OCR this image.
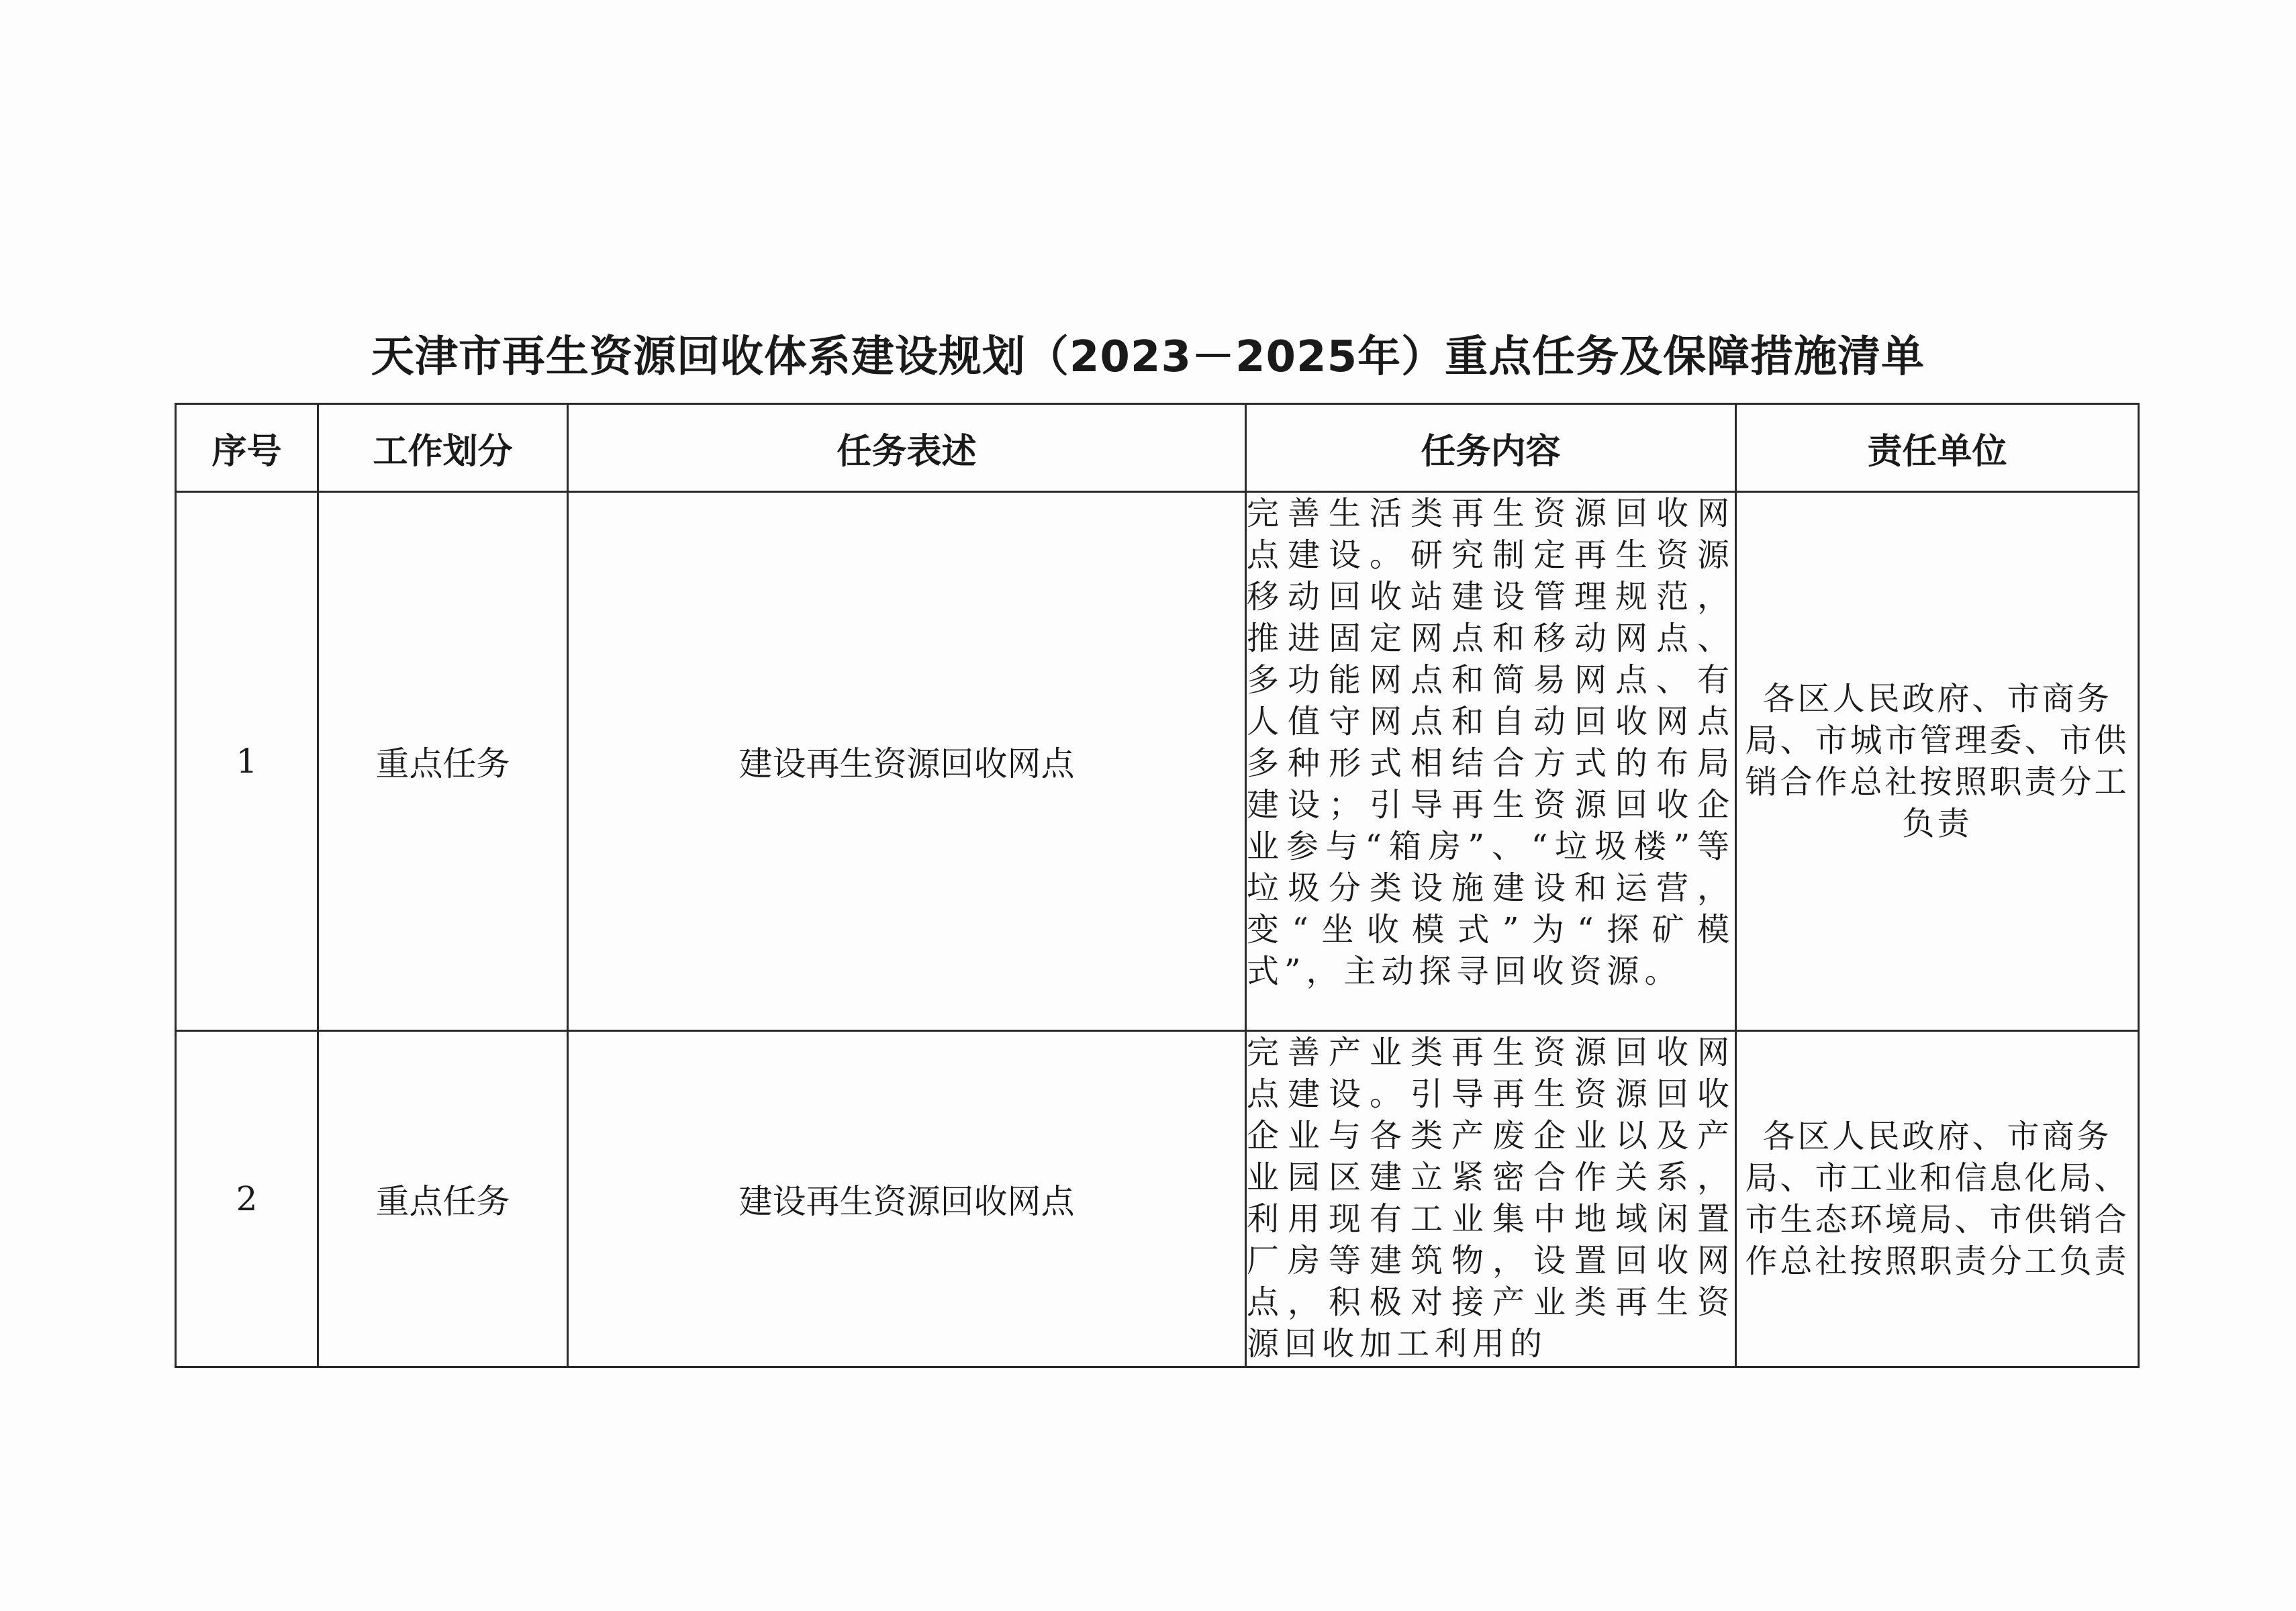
天津市再生资源回收体系建设规划（2023－2025年）重点任务及保障措施清单
序号	工作划分	任务表述	任务内容	责任单位
1	重点任务	建设再生资源回收网点	完善生活类再生资源回收网点建设。研究制定再生资源移动回收站建设管理规范，推进固定网点和移动网点、多功能网点和简易网点、有人值守网点和自动回收网点多种形式相结合方式的布局建设；引导再生资源回收企业参与“箱房”、“垃圾楼”等垃圾分类设施建设和运营，变“坐收模式”为“探矿模式”，主动探寻回收资源。	各区人民政府、市商务局、市城市管理委、市供销合作总社按照职责分工负责

2	重点任务	建设再生资源回收网点	完善产业类再生资源回收网点建设。引导再生资源回收企业与各类产废企业以及产业园区建立紧密合作关系，利用现有工业集中地域闲置厂房等建筑物，设置回收网点，积极对接产业类再生资源回收加工利用的	各区人民政府、市商务局、市工业和信息化局、市生态环境局、市供销合作总社按照职责分工负责
